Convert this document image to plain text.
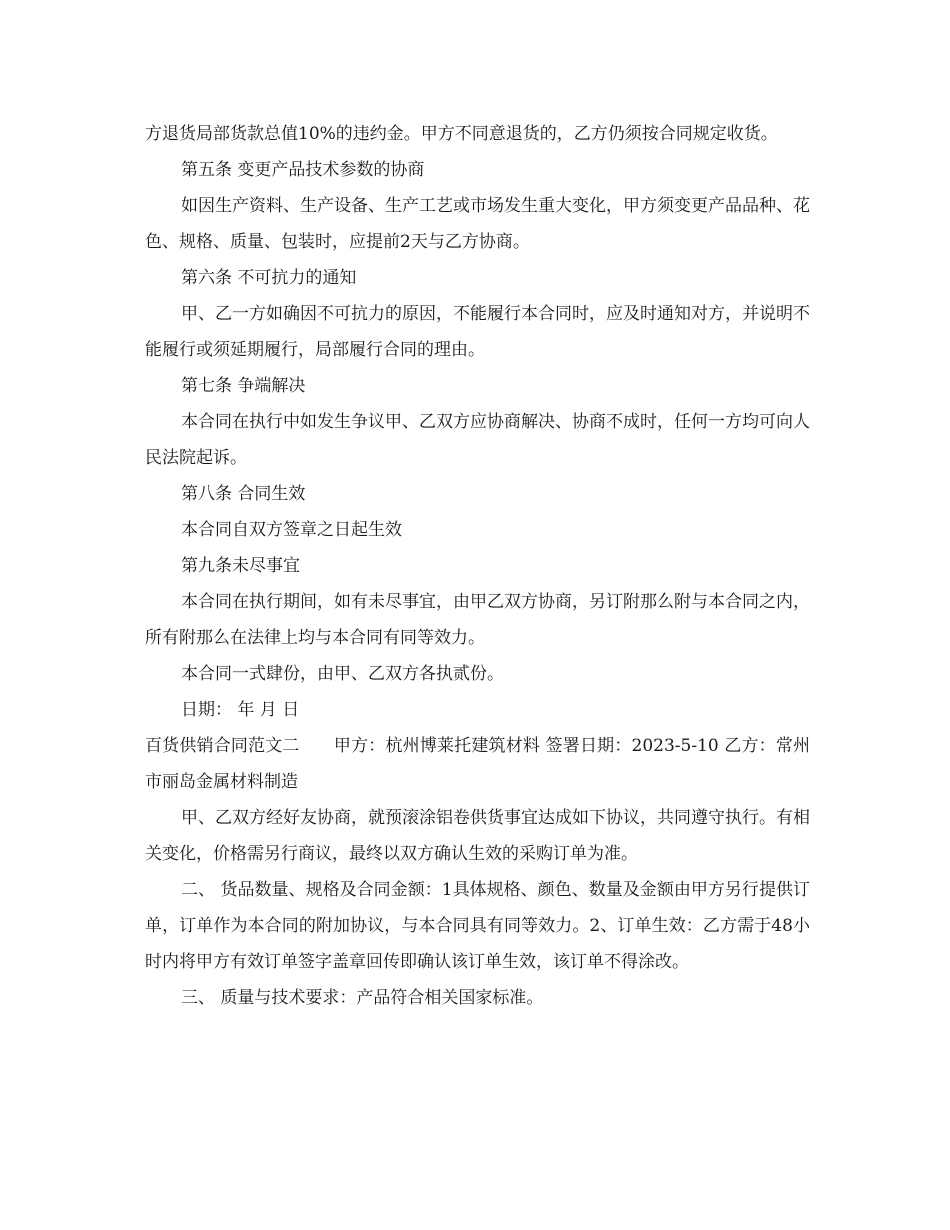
方退货局部货款总值10%的违约金。甲方不同意退货的，乙方仍须按合同规定收货。

第五条 变更产品技术参数的协商

如因生产资料、生产设备、生产工艺或市场发生重大变化，甲方须变更产品品种、花色、规格、质量、包装时，应提前2天与乙方协商。

第六条 不可抗力的通知

甲、乙一方如确因不可抗力的原因，不能履行本合同时，应及时通知对方，并说明不能履行或须延期履行，局部履行合同的理由。

第七条 争端解决

本合同在执行中如发生争议甲、乙双方应协商解决、协商不成时，任何一方均可向人民法院起诉。

第八条 合同生效

本合同自双方签章之日起生效

第九条未尽事宜

本合同在执行期间，如有未尽事宜，由甲乙双方协商，另订附那么附与本合同之内，所有附那么在法律上均与本合同有同等效力。

本合同一式肆份，由甲、乙双方各执贰份。

日期： 年 月 日

百货供销合同范文二　　甲方：杭州博莱托建筑材料 签署日期：2023-5-10 乙方：常州市丽岛金属材料制造

甲、乙双方经好友协商，就预滚涂铝卷供货事宜达成如下协议，共同遵守执行。有相关变化，价格需另行商议，最终以双方确认生效的采购订单为准。

二、 货品数量、规格及合同金额：1具体规格、颜色、数量及金额由甲方另行提供订单，订单作为本合同的附加协议，与本合同具有同等效力。2、订单生效：乙方需于48小时内将甲方有效订单签字盖章回传即确认该订单生效，该订单不得涂改。

三、 质量与技术要求：产品符合相关国家标准。
